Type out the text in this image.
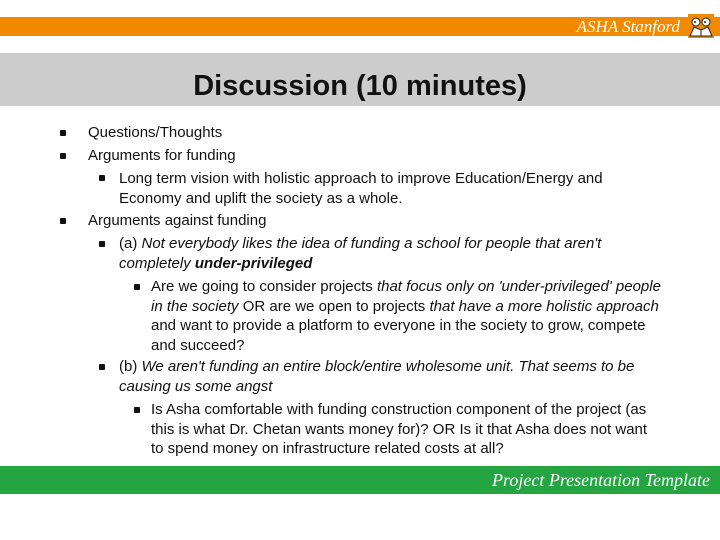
ASHA Stanford
Discussion (10 minutes)
Questions/Thoughts
Arguments for funding
Long term vision with holistic approach to improve Education/Energy and Economy and uplift the society as a whole.
Arguments against funding
(a) Not everybody likes the idea of funding a school for people that aren't completely under-privileged
Are we going to consider projects that focus only on 'under-privileged' people in the society OR are we open to projects that have a more holistic approach and want to provide a platform to everyone in the society to grow, compete and succeed?
(b) We aren't funding an entire block/entire wholesome unit. That seems to be causing us some angst
Is Asha comfortable with funding construction component of the project (as this is what Dr. Chetan wants money for)? OR Is it that Asha does not want to spend money on infrastructure related costs at all?
Project Presentation Template
